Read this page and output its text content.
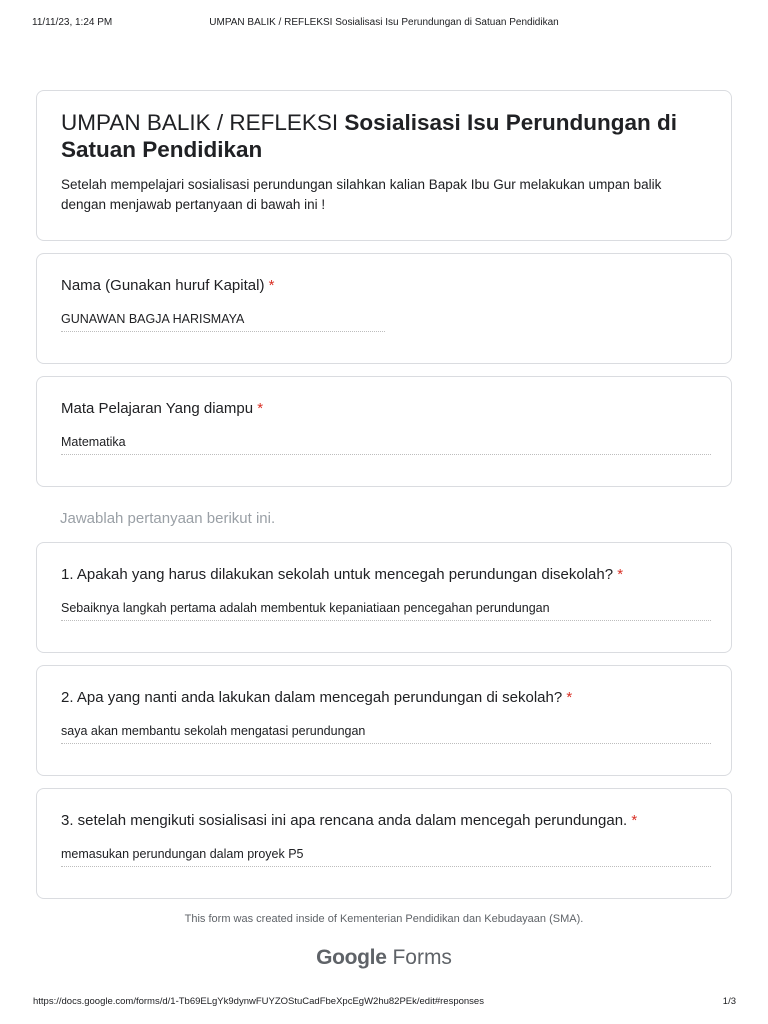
11/11/23, 1:24 PM	UMPAN BALIK / REFLEKSI Sosialisasi Isu Perundungan di Satuan Pendidikan
UMPAN BALIK / REFLEKSI Sosialisasi Isu Perundungan di Satuan Pendidikan
Setelah mempelajari sosialisasi perundungan silahkan kalian Bapak Ibu Gur melakukan umpan balik
dengan menjawab pertanyaan di bawah ini !
Nama (Gunakan huruf Kapital) *
GUNAWAN BAGJA HARISMAYA
Mata Pelajaran Yang diampu *
Matematika
Jawablah pertanyaan berikut ini.
1. Apakah yang harus dilakukan sekolah untuk mencegah perundungan disekolah? *
Sebaiknya langkah pertama adalah membentuk kepaniatiaan pencegahan perundungan
2. Apa yang nanti anda lakukan dalam mencegah perundungan di sekolah? *
saya akan membantu sekolah mengatasi perundungan
3. setelah mengikuti sosialisasi ini apa rencana anda dalam mencegah perundungan. *
memasukan perundungan dalam proyek P5
This form was created inside of Kementerian Pendidikan dan Kebudayaan (SMA).
Google Forms
https://docs.google.com/forms/d/1-Tb69ELgYk9dynwFUYZOStuCadFbeXpcEgW2hu82PEk/edit#responses	1/3
